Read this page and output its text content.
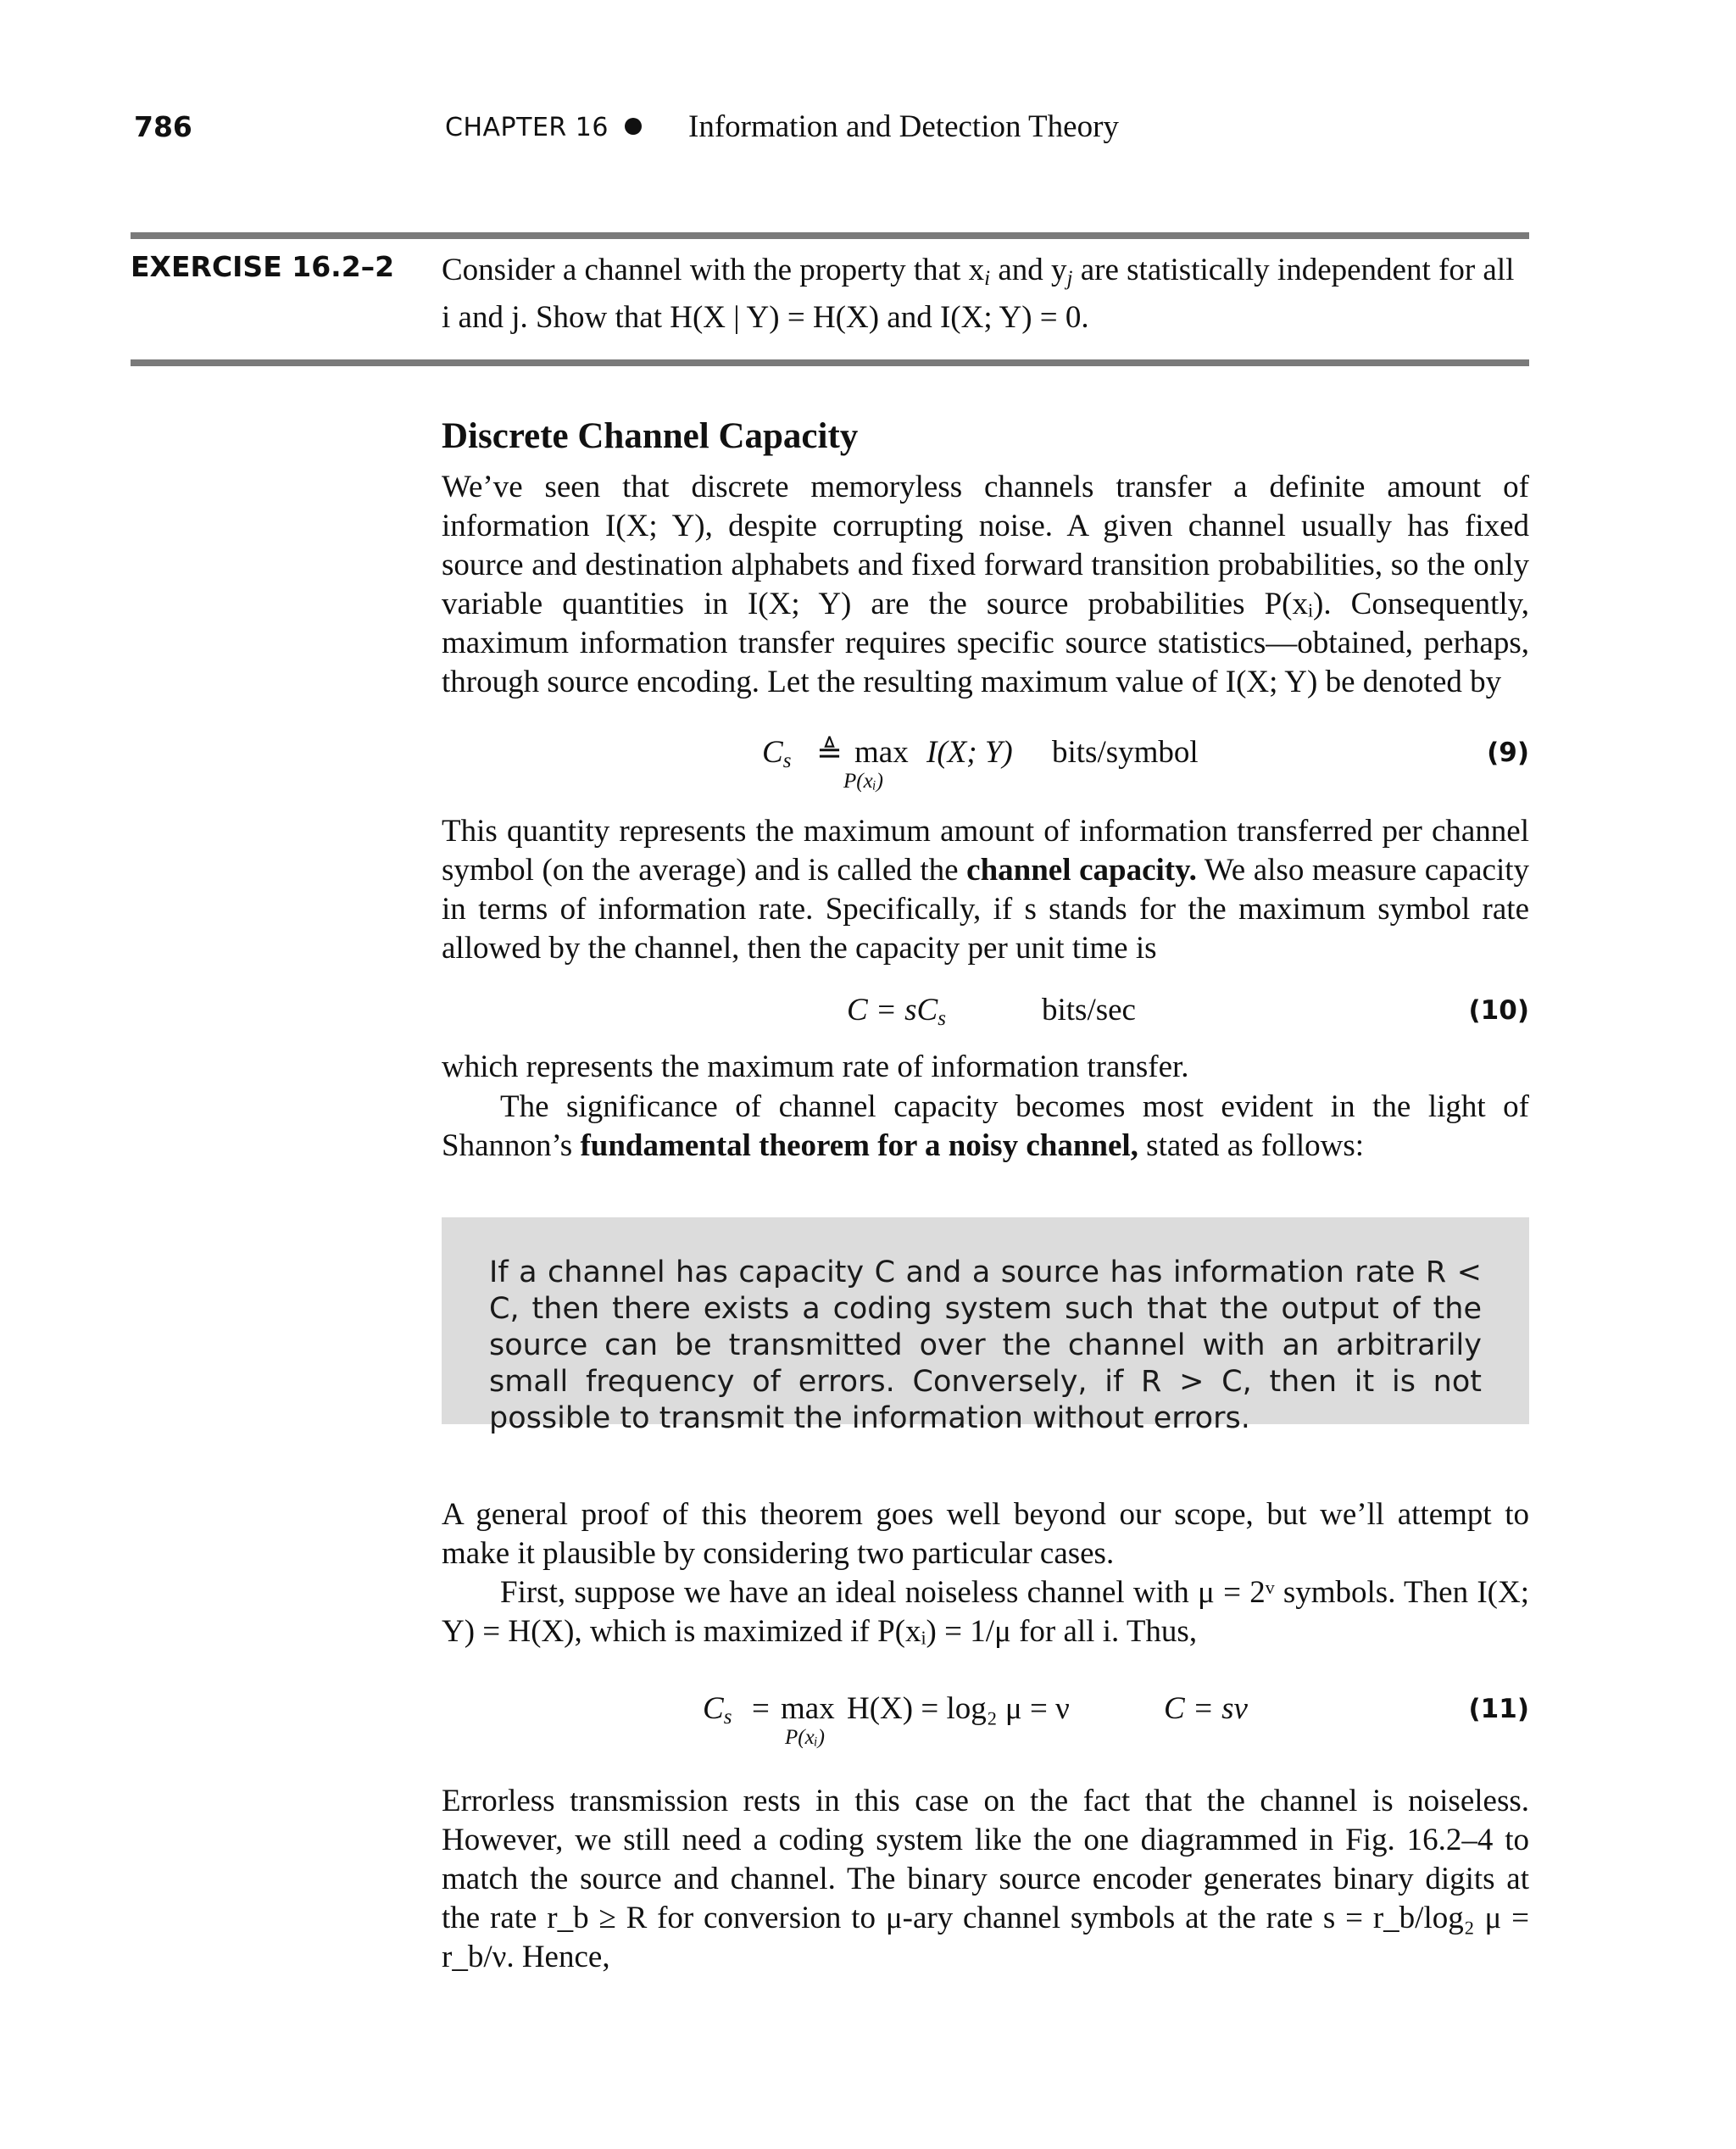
786	CHAPTER 16	Information and Detection Theory
EXERCISE 16.2–2 Consider a channel with the property that $x_i$ and $y_j$ are statistically independent for all
i and j. Show that H(X | Y) = H(X) and I(X; Y) = 0.
Discrete Channel Capacity
We’ve seen that discrete memoryless channels transfer a definite amount of information I(X; Y), despite corrupting noise. A given channel usually has fixed source and destination alphabets and fixed forward transition probabilities, so the only variable quantities in I(X; Y) are the source probabilities P(xᵢ). Consequently, maximum information transfer requires specific source statistics—obtained, perhaps, through source encoding. Let the resulting maximum value of I(X; Y) be denoted by
$C_s$ ≜ max
P(xᵢ)
I(X; Y) bits/symbol	(9)
This quantity represents the maximum amount of information transferred per channel symbol (on the average) and is called the channel capacity. We also measure capacity in terms of information rate. Specifically, if s stands for the maximum symbol rate allowed by the channel, then the capacity per unit time is
$C = sC_s$	bits/sec	(10)
which represents the maximum rate of information transfer.
The significance of channel capacity becomes most evident in the light of Shannon’s fundamental theorem for a noisy channel, stated as follows:
If a channel has capacity C and a source has information rate R < C, then there exists a coding system such that the output of the source can be transmitted over the channel with an arbitrarily small frequency of errors. Conversely, if R > C, then it is not possible to transmit the information without errors.
A general proof of this theorem goes well beyond our scope, but we’ll attempt to make it plausible by considering two particular cases.
First, suppose we have an ideal noiseless channel with μ = 2ᵛ symbols. Then I(X; Y) = H(X), which is maximized if P(xᵢ) = 1/μ for all i. Thus,
$C_s = \max$
P(xᵢ)
H(X) = log₂ μ = ν	C = sν	(11)
Errorless transmission rests in this case on the fact that the channel is noiseless. However, we still need a coding system like the one diagrammed in Fig. 16.2–4 to match the source and channel. The binary source encoder generates binary digits at the rate r_b ≥ R for conversion to μ-ary channel symbols at the rate s = r_b/log₂ μ = r_b/ν. Hence,
